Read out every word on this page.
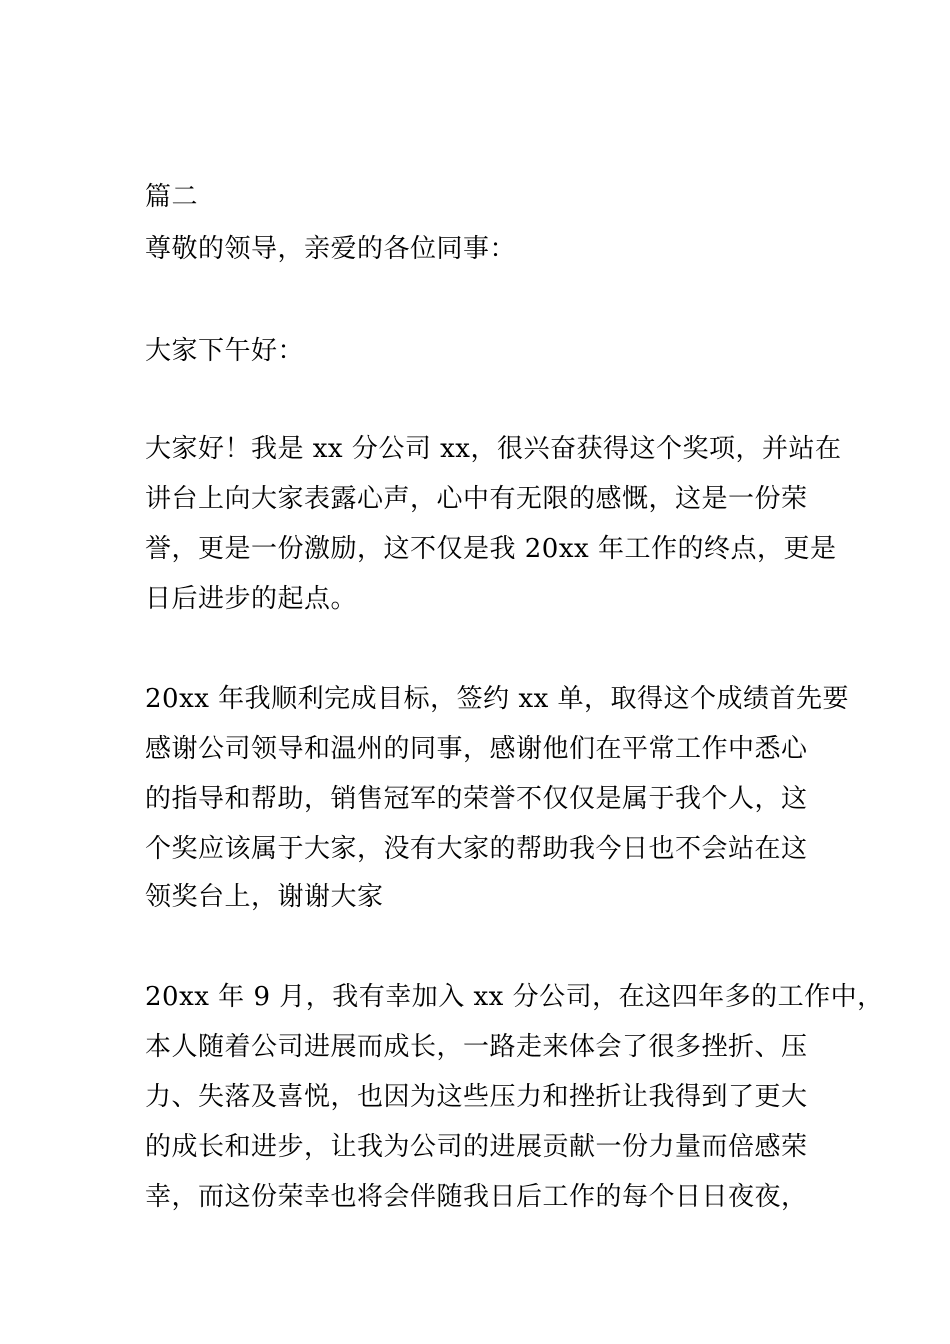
篇二
尊敬的领导，亲爱的各位同事：
大家下午好：
大家好！我是 xx 分公司 xx，很兴奋获得这个奖项，并站在
讲台上向大家表露心声，心中有无限的感慨，这是一份荣
誉，更是一份激励，这不仅是我 20xx 年工作的终点，更是
日后进步的起点。
20xx 年我顺利完成目标，签约 xx 单，取得这个成绩首先要
感谢公司领导和温州的同事，感谢他们在平常工作中悉心
的指导和帮助，销售冠军的荣誉不仅仅是属于我个人，这
个奖应该属于大家，没有大家的帮助我今日也不会站在这
领奖台上，谢谢大家
20xx 年 9 月，我有幸加入 xx 分公司，在这四年多的工作中，
本人随着公司进展而成长，一路走来体会了很多挫折、压
力、失落及喜悦，也因为这些压力和挫折让我得到了更大
的成长和进步，让我为公司的进展贡献一份力量而倍感荣
幸，而这份荣幸也将会伴随我日后工作的每个日日夜夜，
